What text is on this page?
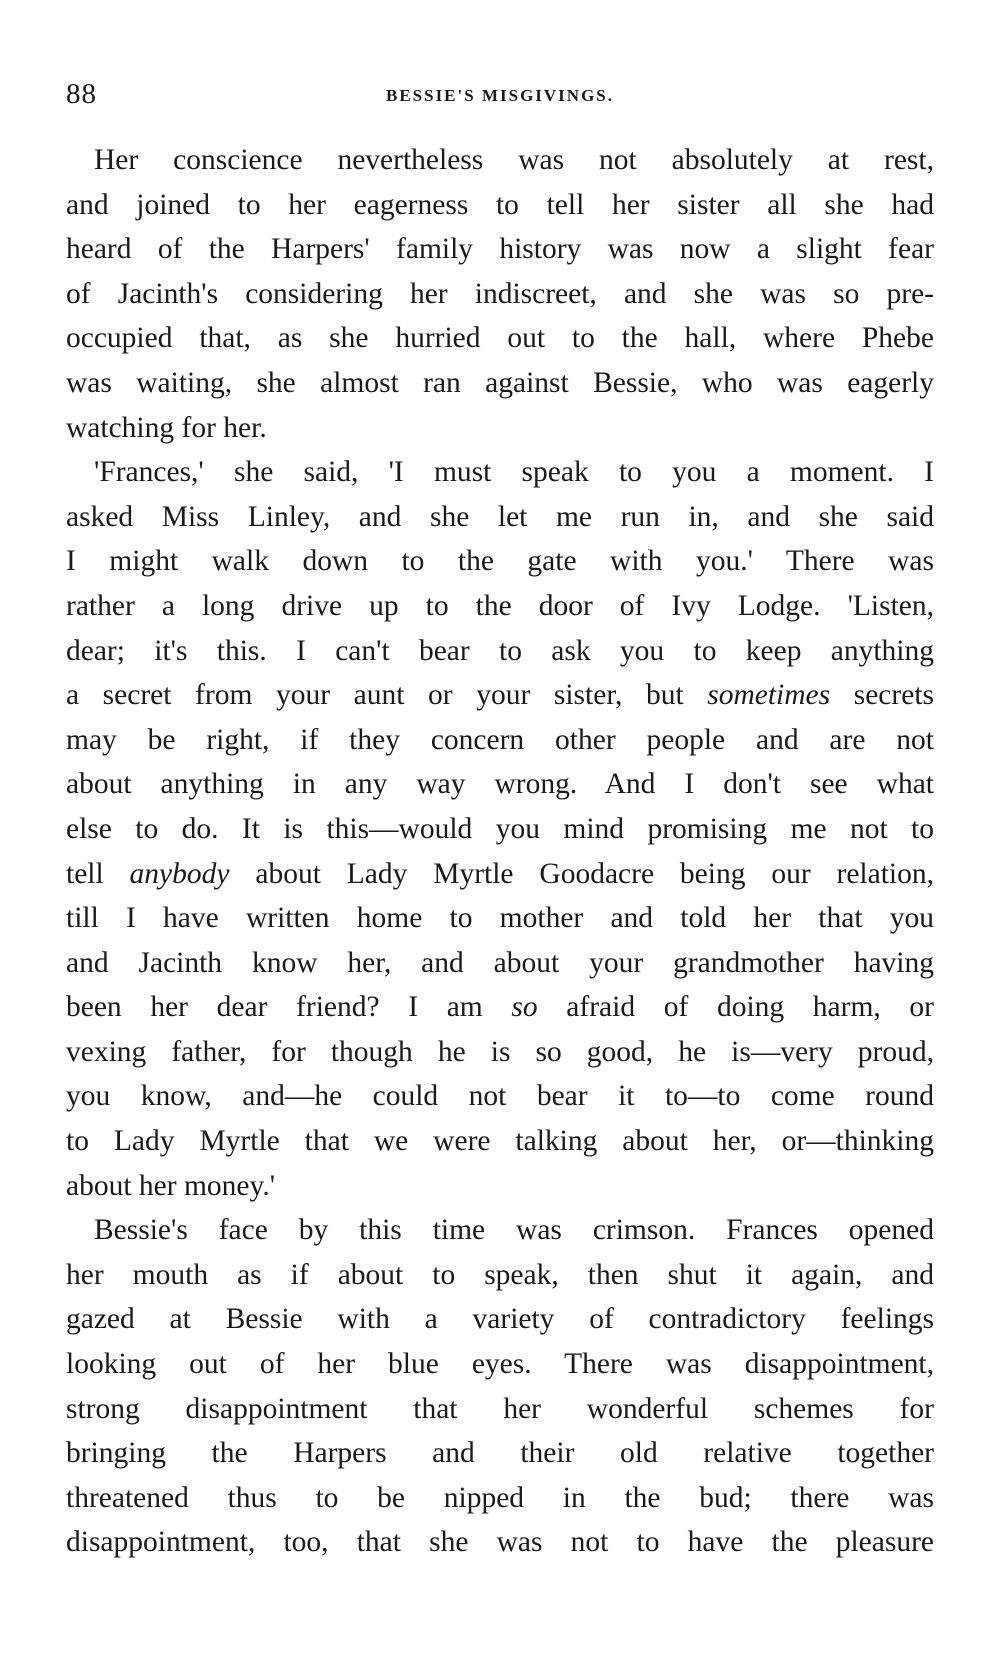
88	BESSIE'S MISGIVINGS.

Her conscience nevertheless was not absolutely at rest,
and joined to her eagerness to tell her sister all she had
heard of the Harpers' family history was now a slight fear
of Jacinth's considering her indiscreet, and she was so pre-
occupied that, as she hurried out to the hall, where Phebe
was waiting, she almost ran against Bessie, who was eagerly
watching for her.

'Frances,' she said, 'I must speak to you a moment. I
asked Miss Linley, and she let me run in, and she said
I might walk down to the gate with you.' There was
rather a long drive up to the door of Ivy Lodge. 'Listen,
dear; it's this. I can't bear to ask you to keep anything
a secret from your aunt or your sister, but sometimes secrets
may be right, if they concern other people and are not
about anything in any way wrong. And I don't see what
else to do. It is this—would you mind promising me not to
tell anybody about Lady Myrtle Goodacre being our relation,
till I have written home to mother and told her that you
and Jacinth know her, and about your grandmother having
been her dear friend? I am so afraid of doing harm, or
vexing father, for though he is so good, he is—very proud,
you know, and—he could not bear it to—to come round
to Lady Myrtle that we were talking about her, or—thinking
about her money.'

Bessie's face by this time was crimson. Frances opened
her mouth as if about to speak, then shut it again, and
gazed at Bessie with a variety of contradictory feelings
looking out of her blue eyes. There was disappointment,
strong disappointment that her wonderful schemes for
bringing the Harpers and their old relative together
threatened thus to be nipped in the bud; there was
disappointment, too, that she was not to have the pleasure
